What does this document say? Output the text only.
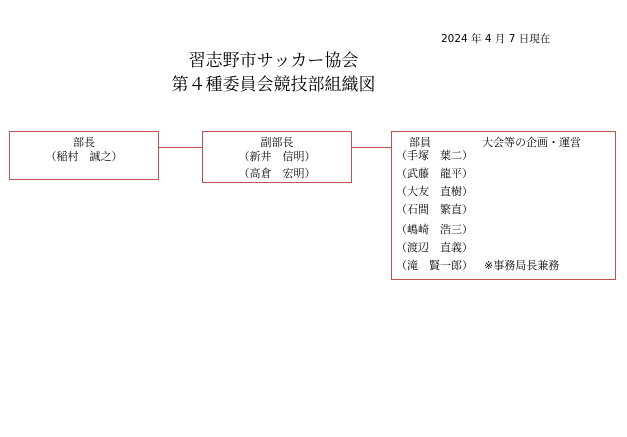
2024 年 4 月 7 日現在
習志野市サッカー協会
第４種委員会競技部組織図
部長
（稲村　誠之）
副部長
（新井　信明）
（高倉　宏明）
部員	大会等の企画・運営
（手塚　葉二）
（武藤　龍平）
（大友　直樹）
（石間　繁直）
（嶋崎　浩三）
（渡辺　直義）
（滝　賢一郎） ※事務局長兼務
